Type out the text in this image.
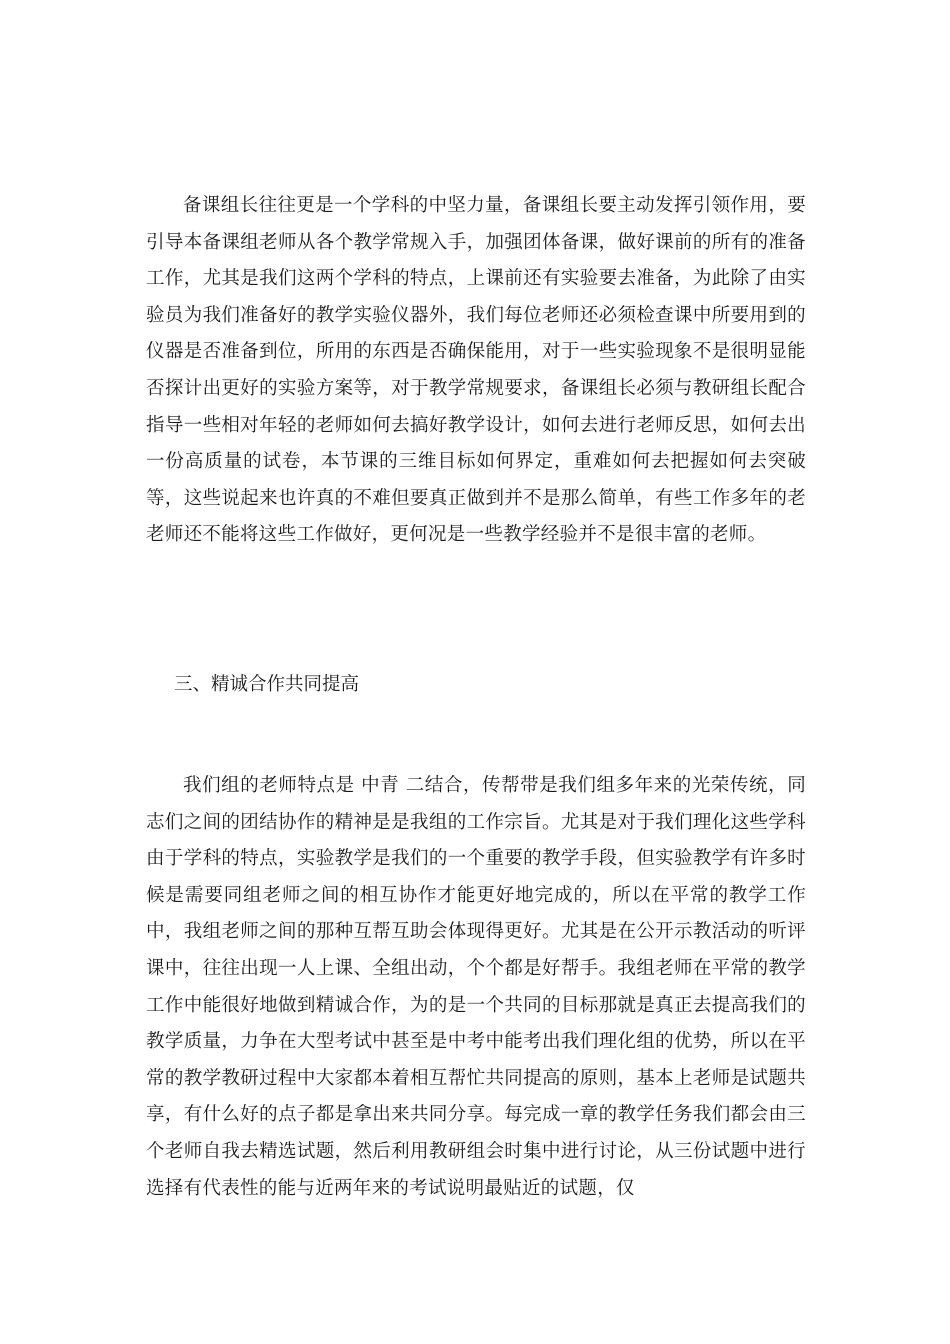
备课组长往往更是一个学科的中坚力量，备课组长要主动发挥引领作用，要引导本备课组老师从各个教学常规入手，加强团体备课，做好课前的所有的准备工作，尤其是我们这两个学科的特点，上课前还有实验要去准备，为此除了由实验员为我们准备好的教学实验仪器外，我们每位老师还必须检查课中所要用到的仪器是否准备到位，所用的东西是否确保能用，对于一些实验现象不是很明显能否探计出更好的实验方案等，对于教学常规要求，备课组长必须与教研组长配合指导一些相对年轻的老师如何去搞好教学设计，如何去进行老师反思，如何去出一份高质量的试卷，本节课的三维目标如何界定，重难如何去把握如何去突破等，这些说起来也许真的不难但要真正做到并不是那么简单，有些工作多年的老老师还不能将这些工作做好，更何况是一些教学经验并不是很丰富的老师。

三、精诚合作共同提高

我们组的老师特点是 中青 二结合，传帮带是我们组多年来的光荣传统，同志们之间的团结协作的精神是是我组的工作宗旨。尤其是对于我们理化这些学科由于学科的特点，实验教学是我们的一个重要的教学手段，但实验教学有许多时候是需要同组老师之间的相互协作才能更好地完成的，所以在平常的教学工作中，我组老师之间的那种互帮互助会体现得更好。尤其是在公开示教活动的听评课中，往往出现一人上课、全组出动，个个都是好帮手。我组老师在平常的教学工作中能很好地做到精诚合作，为的是一个共同的目标那就是真正去提高我们的教学质量，力争在大型考试中甚至是中考中能考出我们理化组的优势，所以在平常的教学教研过程中大家都本着相互帮忙共同提高的原则，基本上老师是试题共享，有什么好的点子都是拿出来共同分享。每完成一章的教学任务我们都会由三个老师自我去精选试题，然后利用教研组会时集中进行讨论，从三份试题中进行选择有代表性的能与近两年来的考试说明最贴近的试题，仅
